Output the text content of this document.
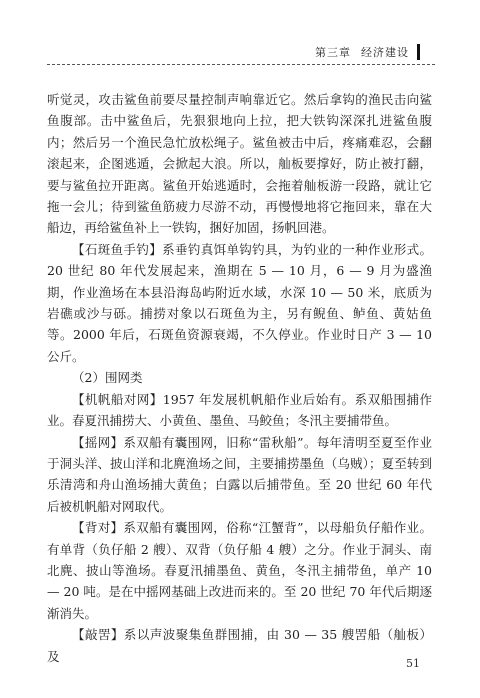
第三章 经济建设

听觉灵，攻击鲨鱼前要尽量控制声响靠近它。然后拿钩的渔民击向鲨鱼腹部。击中鲨鱼后，先狠狠地向上拉，把大铁钩深深扎进鲨鱼腹内；然后另一个渔民急忙放松绳子。鲨鱼被击中后，疼痛难忍，会翻滚起来，企图逃遁，会掀起大浪。所以，舢板要撑好，防止被打翻，要与鲨鱼拉开距离。鲨鱼开始逃遁时，会拖着舢板游一段路，就让它拖一会儿；待到鲨鱼筋疲力尽游不动，再慢慢地将它拖回来，靠在大船边，再给鲨鱼补上一铁钩，捆好加固，扬帆回港。

【石斑鱼手钓】系垂钓真饵单钩钓具，为钓业的一种作业形式。20 世纪 80 年代发展起来，渔期在 5 — 10 月，6 — 9 月为盛渔期，作业渔场在本县沿海岛屿附近水域，水深 10 — 50 米，底质为岩礁或沙与砾。捕捞对象以石斑鱼为主，另有鲵鱼、鲈鱼、黄姑鱼等。2000 年后，石斑鱼资源衰竭，不久停业。作业时日产 3 — 10 公斤。

（2）围网类

【机帆船对网】1957 年发展机帆船作业后始有。系双船围捕作业。春夏汛捕捞大、小黄鱼、墨鱼、马鲛鱼；冬汛主要捕带鱼。

【摇网】系双船有囊围网，旧称“雷秋船”。每年清明至夏至作业于洞头洋、披山洋和北麂渔场之间，主要捕捞墨鱼（乌贼）；夏至转到乐清湾和舟山渔场捕大黄鱼；白露以后捕带鱼。至 20 世纪 60 年代后被机帆船对网取代。

【背对】系双船有囊围网，俗称“江蟹背”，以母船负仔船作业。有单背（负仔船 2 艘）、双背（负仔船 4 艘）之分。作业于洞头、南北麂、披山等渔场。春夏汛捕墨鱼、黄鱼，冬汛主捕带鱼，单产 10 — 20 吨。是在中摇网基础上改进而来的。至 20 世纪 70 年代后期逐渐消失。

【敲罟】系以声波聚集鱼群围捕，由 30 — 35 艘罟船（舢板）及	51
